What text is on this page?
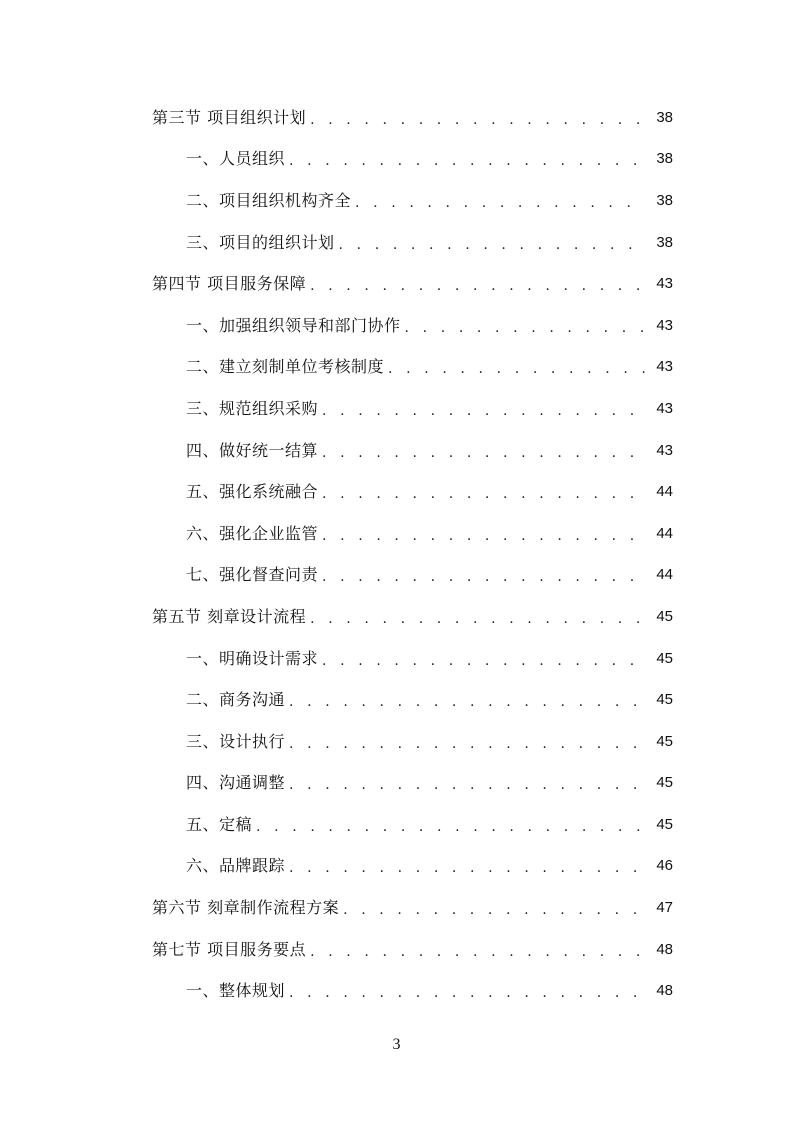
第三节 项目组织计划 . . .	38
一、人员组织 . . .	38
二、项目组织机构齐全 . . .	38
三、项目的组织计划 . . .	38
第四节 项目服务保障 . . .	43
一、加强组织领导和部门协作 . . .	43
二、建立刻制单位考核制度 . . .	43
三、规范组织采购 . . .	43
四、做好统一结算 . . .	43
五、强化系统融合 . . .	44
六、强化企业监管 . . .	44
七、强化督查问责 . . .	44
第五节 刻章设计流程 . . .	45
一、明确设计需求 . . .	45
二、商务沟通 . . .	45
三、设计执行 . . .	45
四、沟通调整 . . .	45
五、定稿 . . .	45
六、品牌跟踪 . . .	46
第六节 刻章制作流程方案 . . .	47
第七节 项目服务要点 . . .	48
一、整体规划 . . .	48
3
